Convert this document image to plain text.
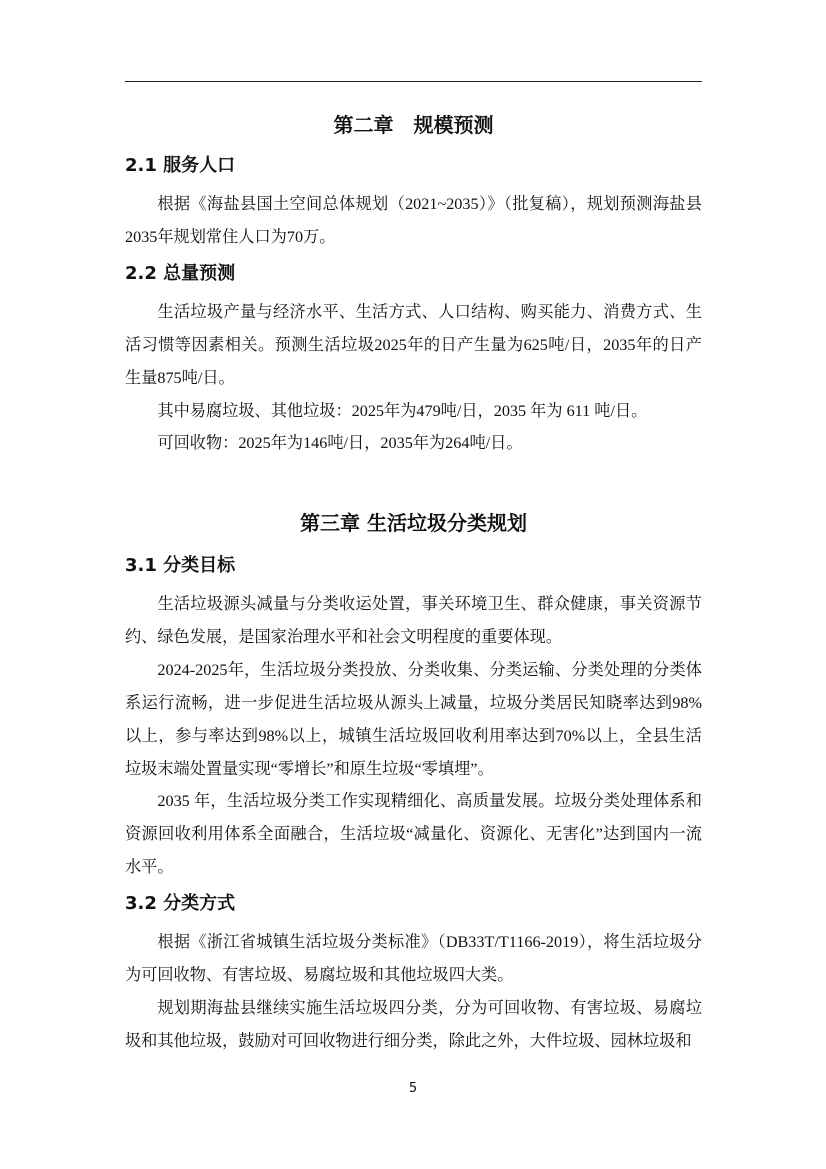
第二章　规模预测
2.1 服务人口

根据《海盐县国土空间总体规划（2021~2035）》（批复稿），规划预测海盐县2035年规划常住人口为70万。

2.2 总量预测

生活垃圾产量与经济水平、生活方式、人口结构、购买能力、消费方式、生活习惯等因素相关。预测生活垃圾2025年的日产生量为625吨/日，2035年的日产生量875吨/日。

其中易腐垃圾、其他垃圾：2025年为479吨/日，2035 年为 611 吨/日。

可回收物：2025年为146吨/日，2035年为264吨/日。

第三章 生活垃圾分类规划
3.1 分类目标

生活垃圾源头减量与分类收运处置，事关环境卫生、群众健康，事关资源节约、绿色发展，是国家治理水平和社会文明程度的重要体现。

2024-2025年，生活垃圾分类投放、分类收集、分类运输、分类处理的分类体系运行流畅，进一步促进生活垃圾从源头上减量，垃圾分类居民知晓率达到98%以上，参与率达到98%以上，城镇生活垃圾回收利用率达到70%以上，全县生活垃圾末端处置量实现“零增长”和原生垃圾“零填埋”。

2035 年，生活垃圾分类工作实现精细化、高质量发展。垃圾分类处理体系和资源回收利用体系全面融合，生活垃圾“减量化、资源化、无害化”达到国内一流水平。

3.2 分类方式

根据《浙江省城镇生活垃圾分类标准》（DB33T/T1166-2019），将生活垃圾分为可回收物、有害垃圾、易腐垃圾和其他垃圾四大类。

规划期海盐县继续实施生活垃圾四分类，分为可回收物、有害垃圾、易腐垃圾和其他垃圾，鼓励对可回收物进行细分类，除此之外，大件垃圾、园林垃圾和

5
